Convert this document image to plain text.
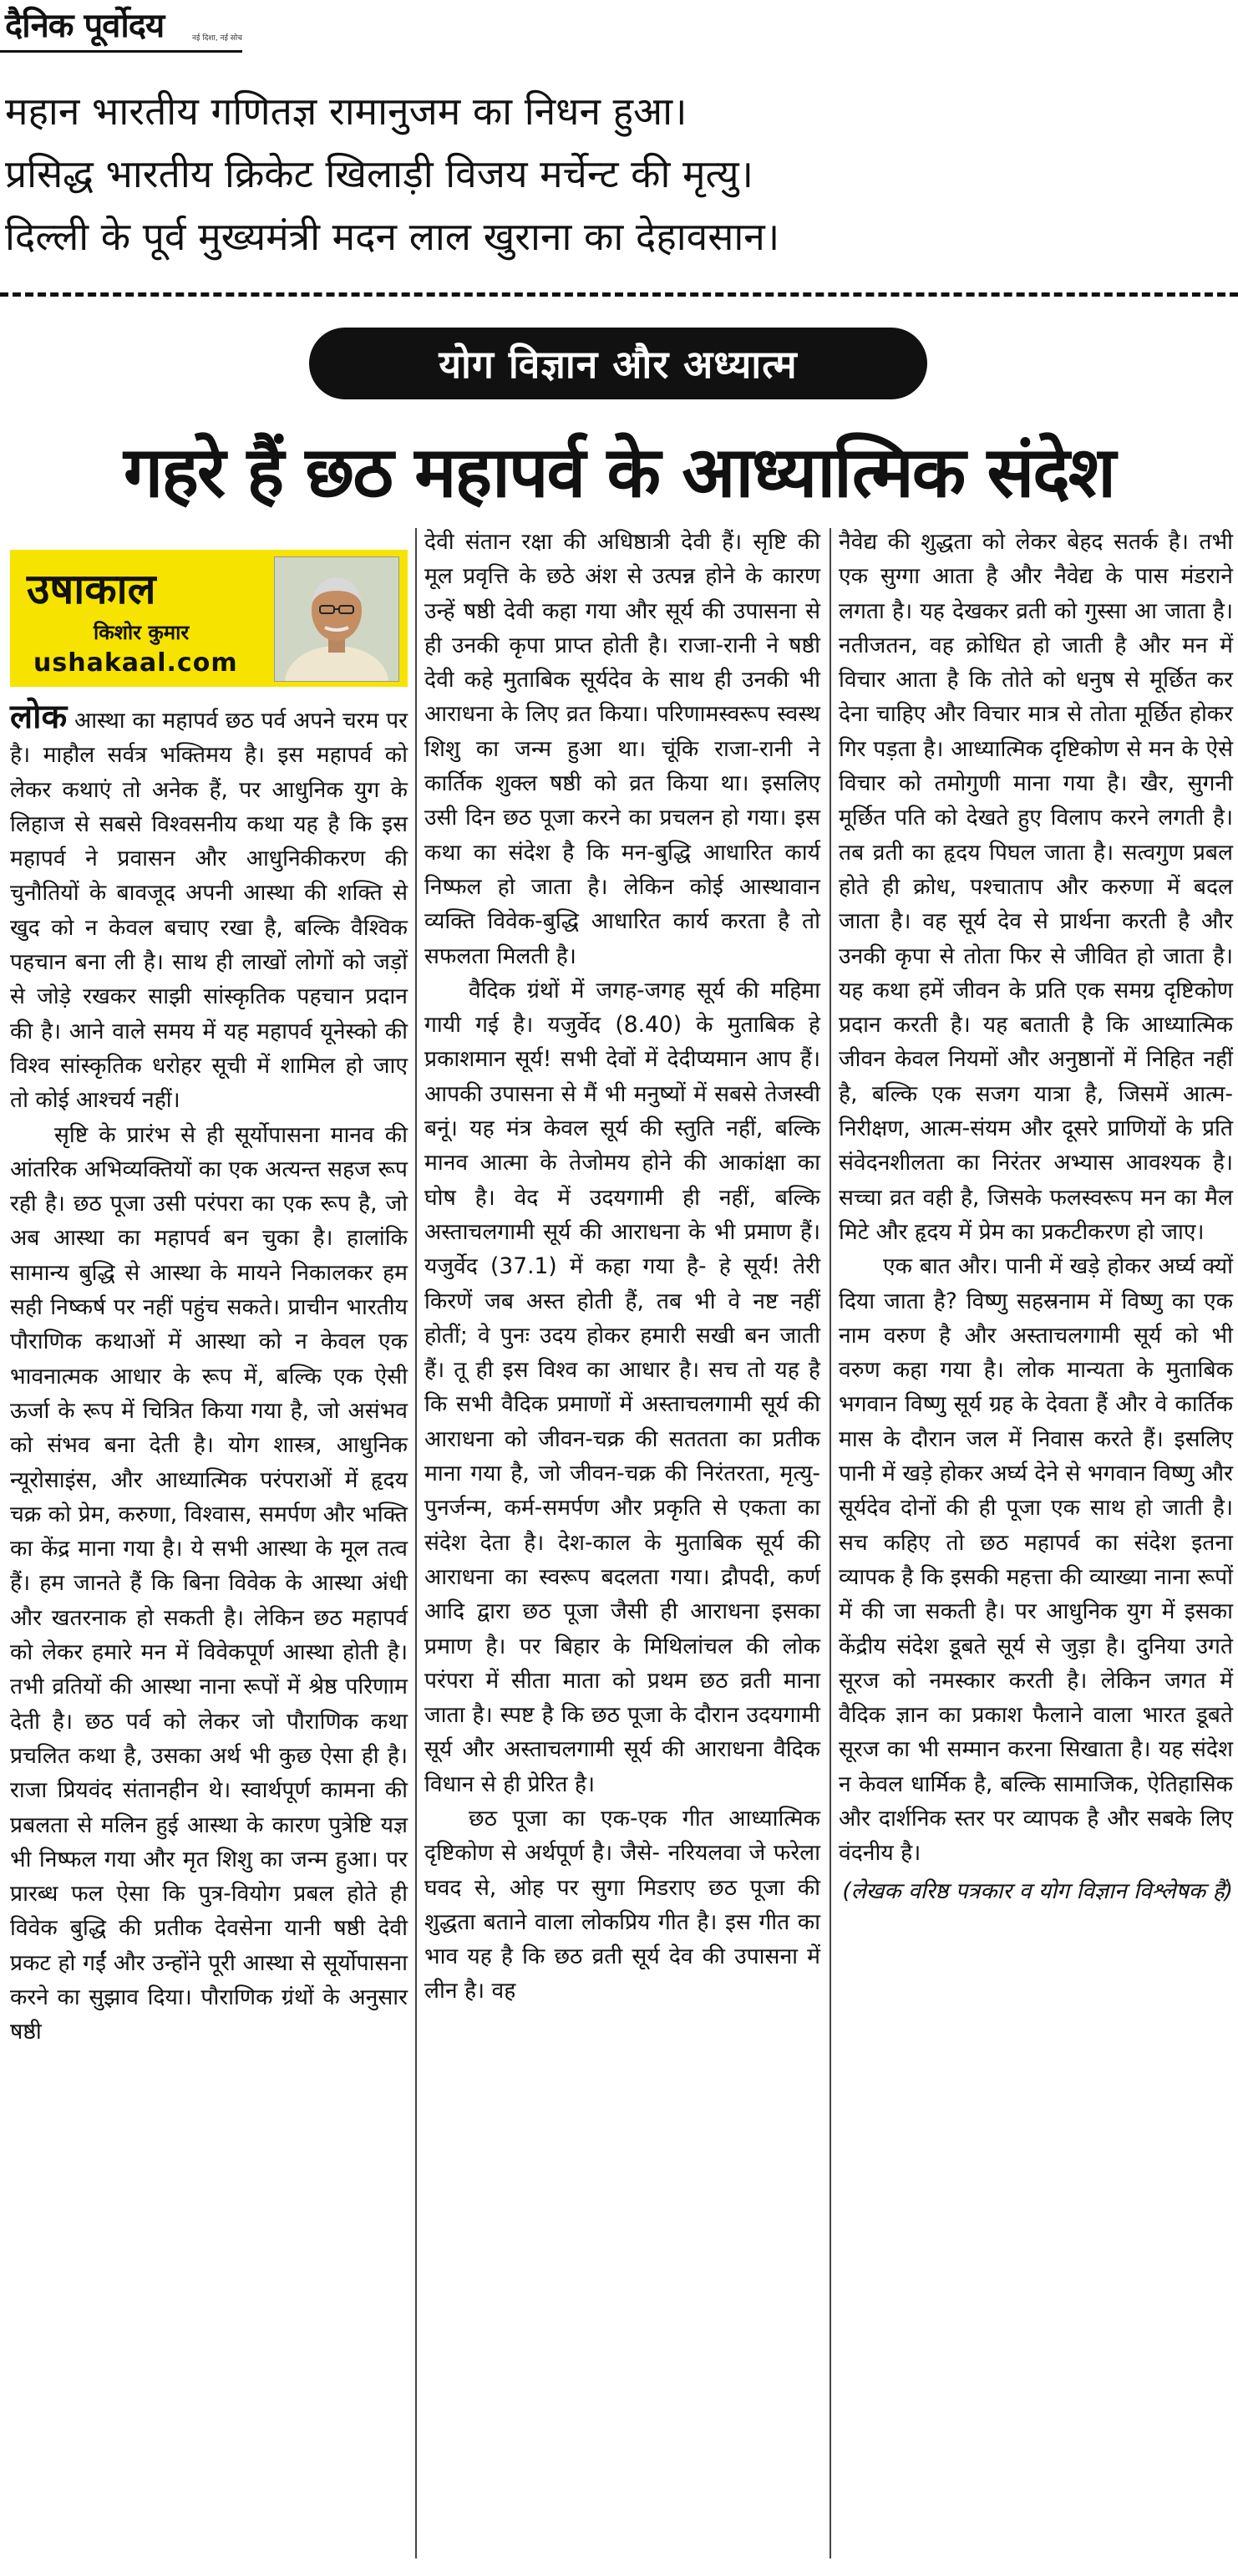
दैनिक पूर्वोदय	नई दिशा, नई सोच
महान भारतीय गणितज्ञ रामानुजम का निधन हुआ।
प्रसिद्ध भारतीय क्रिकेट खिलाड़ी विजय मर्चेन्ट की मृत्यु।
दिल्ली के पूर्व मुख्यमंत्री मदन लाल खुराना का देहावसान।
योग विज्ञान और अध्यात्म
गहरे हैं छठ महापर्व के आध्यात्मिक संदेश
उषाकाल
किशोर कुमार
ushakaal.com

लोक आस्था का महापर्व छठ पर्व अपने चरम पर है। माहौल सर्वत्र भक्तिमय है। इस महापर्व को लेकर कथाएं तो अनेक हैं, पर आधुनिक युग के लिहाज से सबसे विश्वसनीय कथा यह है कि इस महापर्व ने प्रवासन और आधुनिकीकरण की चुनौतियों के बावजूद अपनी आस्था की शक्ति से खुद को न केवल बचाए रखा है, बल्कि वैश्विक पहचान बना ली है। साथ ही लाखों लोगों को जड़ों से जोड़े रखकर साझी सांस्कृतिक पहचान प्रदान की है। आने वाले समय में यह महापर्व यूनेस्को की विश्व सांस्कृतिक धरोहर सूची में शामिल हो जाए तो कोई आश्चर्य नहीं।

सृष्टि के प्रारंभ से ही सूर्योपासना मानव की आंतरिक अभिव्यक्तियों का एक अत्यन्त सहज रूप रही है। छठ पूजा उसी परंपरा का एक रूप है, जो अब आस्था का महापर्व बन चुका है। हालांकि सामान्य बुद्धि से आस्था के मायने निकालकर हम सही निष्कर्ष पर नहीं पहुंच सकते। प्राचीन भारतीय पौराणिक कथाओं में आस्था को न केवल एक भावनात्मक आधार के रूप में, बल्कि एक ऐसी ऊर्जा के रूप में चित्रित किया गया है, जो असंभव को संभव बना देती है। योग शास्त्र, आधुनिक न्यूरोसाइंस, और आध्यात्मिक परंपराओं में हृदय चक्र को प्रेम, करुणा, विश्वास, समर्पण और भक्ति का केंद्र माना गया है। ये सभी आस्था के मूल तत्व हैं। हम जानते हैं कि बिना विवेक के आस्था अंधी और खतरनाक हो सकती है। लेकिन छठ महापर्व को लेकर हमारे मन में विवेकपूर्ण आस्था होती है। तभी व्रतियों की आस्था नाना रूपों में श्रेष्ठ परिणाम देती है। छठ पर्व को लेकर जो पौराणिक कथा प्रचलित कथा है, उसका अर्थ भी कुछ ऐसा ही है। राजा प्रियवंद संतानहीन थे। स्वार्थपूर्ण कामना की प्रबलता से मलिन हुई आस्था के कारण पुत्रेष्टि यज्ञ भी निष्फल गया और मृत शिशु का जन्म हुआ। पर प्रारब्ध फल ऐसा कि पुत्र-वियोग प्रबल होते ही विवेक बुद्धि की प्रतीक देवसेना यानी षष्ठी देवी प्रकट हो गईं और उन्होंने पूरी आस्था से सूर्योपासना करने का सुझाव दिया। पौराणिक ग्रंथों के अनुसार षष्ठी

देवी संतान रक्षा की अधिष्ठात्री देवी हैं। सृष्टि की मूल प्रवृत्ति के छठे अंश से उत्पन्न होने के कारण उन्हें षष्ठी देवी कहा गया और सूर्य की उपासना से ही उनकी कृपा प्राप्त होती है। राजा-रानी ने षष्ठी देवी कहे मुताबिक सूर्यदेव के साथ ही उनकी भी आराधना के लिए व्रत किया। परिणामस्वरूप स्वस्थ शिशु का जन्म हुआ था। चूंकि राजा-रानी ने कार्तिक शुक्ल षष्ठी को व्रत किया था। इसलिए उसी दिन छठ पूजा करने का प्रचलन हो गया। इस कथा का संदेश है कि मन-बुद्धि आधारित कार्य निष्फल हो जाता है। लेकिन कोई आस्थावान व्यक्ति विवेक-बुद्धि आधारित कार्य करता है तो सफलता मिलती है।

वैदिक ग्रंथों में जगह-जगह सूर्य की महिमा गायी गई है। यजुर्वेद (8.40) के मुताबिक हे प्रकाशमान सूर्य! सभी देवों में देदीप्यमान आप हैं। आपकी उपासना से मैं भी मनुष्यों में सबसे तेजस्वी बनूं। यह मंत्र केवल सूर्य की स्तुति नहीं, बल्कि मानव आत्मा के तेजोमय होने की आकांक्षा का घोष है। वेद में उदयगामी ही नहीं, बल्कि अस्ताचलगामी सूर्य की आराधना के भी प्रमाण हैं। यजुर्वेद (37.1) में कहा गया है- हे सूर्य! तेरी किरणें जब अस्त होती हैं, तब भी वे नष्ट नहीं होतीं; वे पुनः उदय होकर हमारी सखी बन जाती हैं। तू ही इस विश्व का आधार है। सच तो यह है कि सभी वैदिक प्रमाणों में अस्ताचलगामी सूर्य की आराधना को जीवन-चक्र की सततता का प्रतीक माना गया है, जो जीवन-चक्र की निरंतरता, मृत्यु-पुनर्जन्म, कर्म-समर्पण और प्रकृति से एकता का संदेश देता है। देश-काल के मुताबिक सूर्य की आराधना का स्वरूप बदलता गया। द्रौपदी, कर्ण आदि द्वारा छठ पूजा जैसी ही आराधना इसका प्रमाण है। पर बिहार के मिथिलांचल की लोक परंपरा में सीता माता को प्रथम छठ व्रती माना जाता है। स्पष्ट है कि छठ पूजा के दौरान उदयगामी सूर्य और अस्ताचलगामी सूर्य की आराधना वैदिक विधान से ही प्रेरित है।

छठ पूजा का एक-एक गीत आध्यात्मिक दृष्टिकोण से अर्थपूर्ण है। जैसे- नरियलवा जे फरेला घवद से, ओह पर सुगा मिडराए छठ पूजा की शुद्धता बताने वाला लोकप्रिय गीत है। इस गीत का भाव यह है कि छठ व्रती सूर्य देव की उपासना में लीन है। वह

नैवेद्य की शुद्धता को लेकर बेहद सतर्क है। तभी एक सुग्गा आता है और नैवेद्य के पास मंडराने लगता है। यह देखकर व्रती को गुस्सा आ जाता है। नतीजतन, वह क्रोधित हो जाती है और मन में विचार आता है कि तोते को धनुष से मूर्छित कर देना चाहिए और विचार मात्र से तोता मूर्छित होकर गिर पड़ता है। आध्यात्मिक दृष्टिकोण से मन के ऐसे विचार को तमोगुणी माना गया है। खैर, सुगनी मूर्छित पति को देखते हुए विलाप करने लगती है। तब व्रती का हृदय पिघल जाता है। सत्वगुण प्रबल होते ही क्रोध, पश्चाताप और करुणा में बदल जाता है। वह सूर्य देव से प्रार्थना करती है और उनकी कृपा से तोता फिर से जीवित हो जाता है। यह कथा हमें जीवन के प्रति एक समग्र दृष्टिकोण प्रदान करती है। यह बताती है कि आध्यात्मिक जीवन केवल नियमों और अनुष्ठानों में निहित नहीं है, बल्कि एक सजग यात्रा है, जिसमें आत्म-निरीक्षण, आत्म-संयम और दूसरे प्राणियों के प्रति संवेदनशीलता का निरंतर अभ्यास आवश्यक है। सच्चा व्रत वही है, जिसके फलस्वरूप मन का मैल मिटे और हृदय में प्रेम का प्रकटीकरण हो जाए।

एक बात और। पानी में खड़े होकर अर्घ्य क्यों दिया जाता है? विष्णु सहस्रनाम में विष्णु का एक नाम वरुण है और अस्ताचलगामी सूर्य को भी वरुण कहा गया है। लोक मान्यता के मुताबिक भगवान विष्णु सूर्य ग्रह के देवता हैं और वे कार्तिक मास के दौरान जल में निवास करते हैं। इसलिए पानी में खड़े होकर अर्घ्य देने से भगवान विष्णु और सूर्यदेव दोनों की ही पूजा एक साथ हो जाती है। सच कहिए तो छठ महापर्व का संदेश इतना व्यापक है कि इसकी महत्ता की व्याख्या नाना रूपों में की जा सकती है। पर आधुनिक युग में इसका केंद्रीय संदेश डूबते सूर्य से जुड़ा है। दुनिया उगते सूरज को नमस्कार करती है। लेकिन जगत में वैदिक ज्ञान का प्रकाश फैलाने वाला भारत डूबते सूरज का भी सम्मान करना सिखाता है। यह संदेश न केवल धार्मिक है, बल्कि सामाजिक, ऐतिहासिक और दार्शनिक स्तर पर व्यापक है और सबके लिए वंदनीय है।

(लेखक वरिष्ठ पत्रकार व योग विज्ञान विश्लेषक हैं)
